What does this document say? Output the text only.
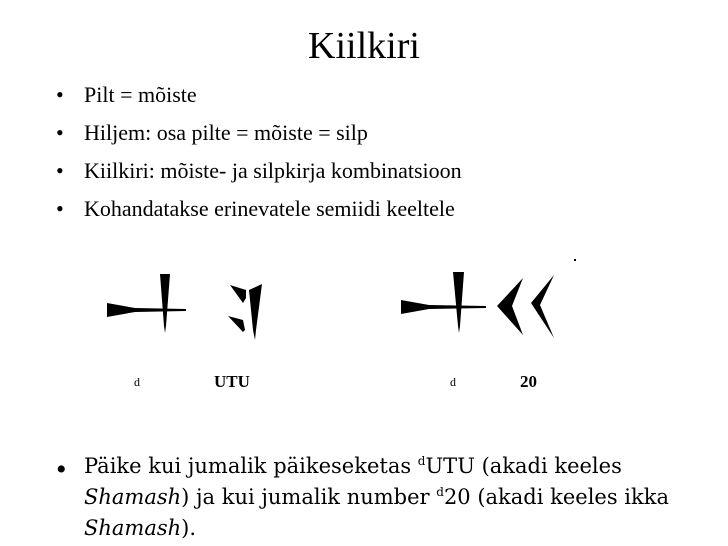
Kiilkiri
• Pilt = mõiste
• Hiljem: osa pilte = mõiste = silp
• Kiilkiri: mõiste- ja silpkirja kombinatsioon
• Kohandatakse erinevatele semiidi keeltele
d	UTU	d	20
• Päike kui jumalik päikeseketas $^d$UTU (akadi keeles Shamash) ja kui jumalik number $^d$20 (akadi keeles ikka Shamash).
